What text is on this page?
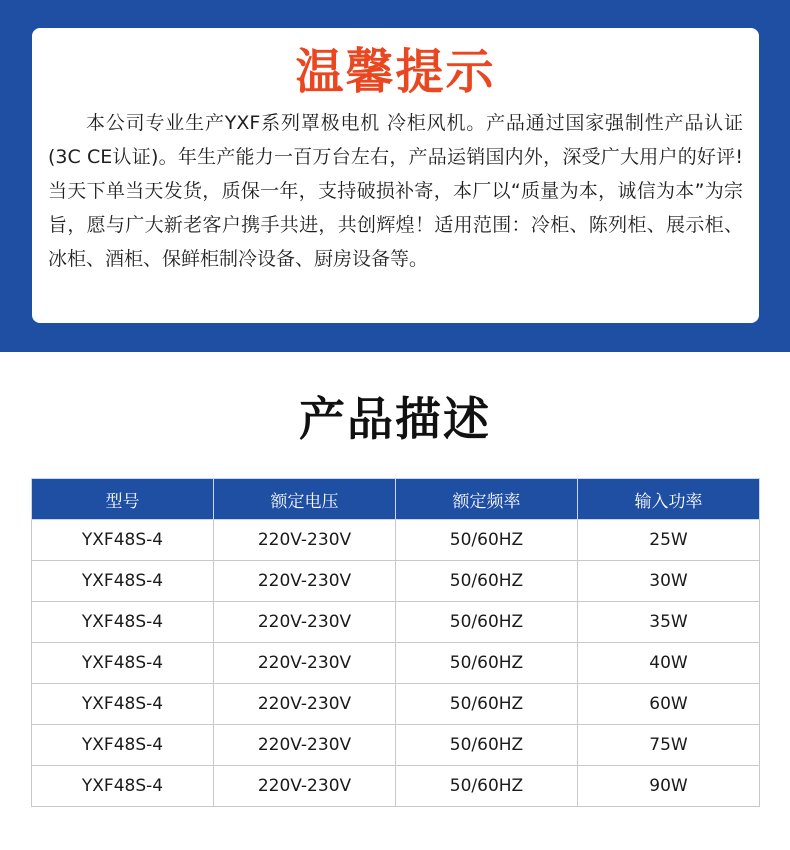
温馨提示

本公司专业生产YXF系列罩极电机 冷柜风机。产品通过国家强制性产品认证 (3C CE认证)。年生产能力一百万台左右，产品运销国内外，深受广大用户的好评!当天下单当天发货，质保一年，支持破损补寄，本厂以“质量为本，诚信为本”为宗旨，愿与广大新老客户携手共进，共创辉煌！适用范围：冷柜、陈列柜、展示柜、冰柜、酒柜、保鲜柜制冷设备、厨房设备等。

产品描述
型号	额定电压	额定频率	输入功率
YXF48S-4	220V-230V	50/60HZ	25W
YXF48S-4	220V-230V	50/60HZ	30W
YXF48S-4	220V-230V	50/60HZ	35W
YXF48S-4	220V-230V	50/60HZ	40W
YXF48S-4	220V-230V	50/60HZ	60W
YXF48S-4	220V-230V	50/60HZ	75W
YXF48S-4	220V-230V	50/60HZ	90W
